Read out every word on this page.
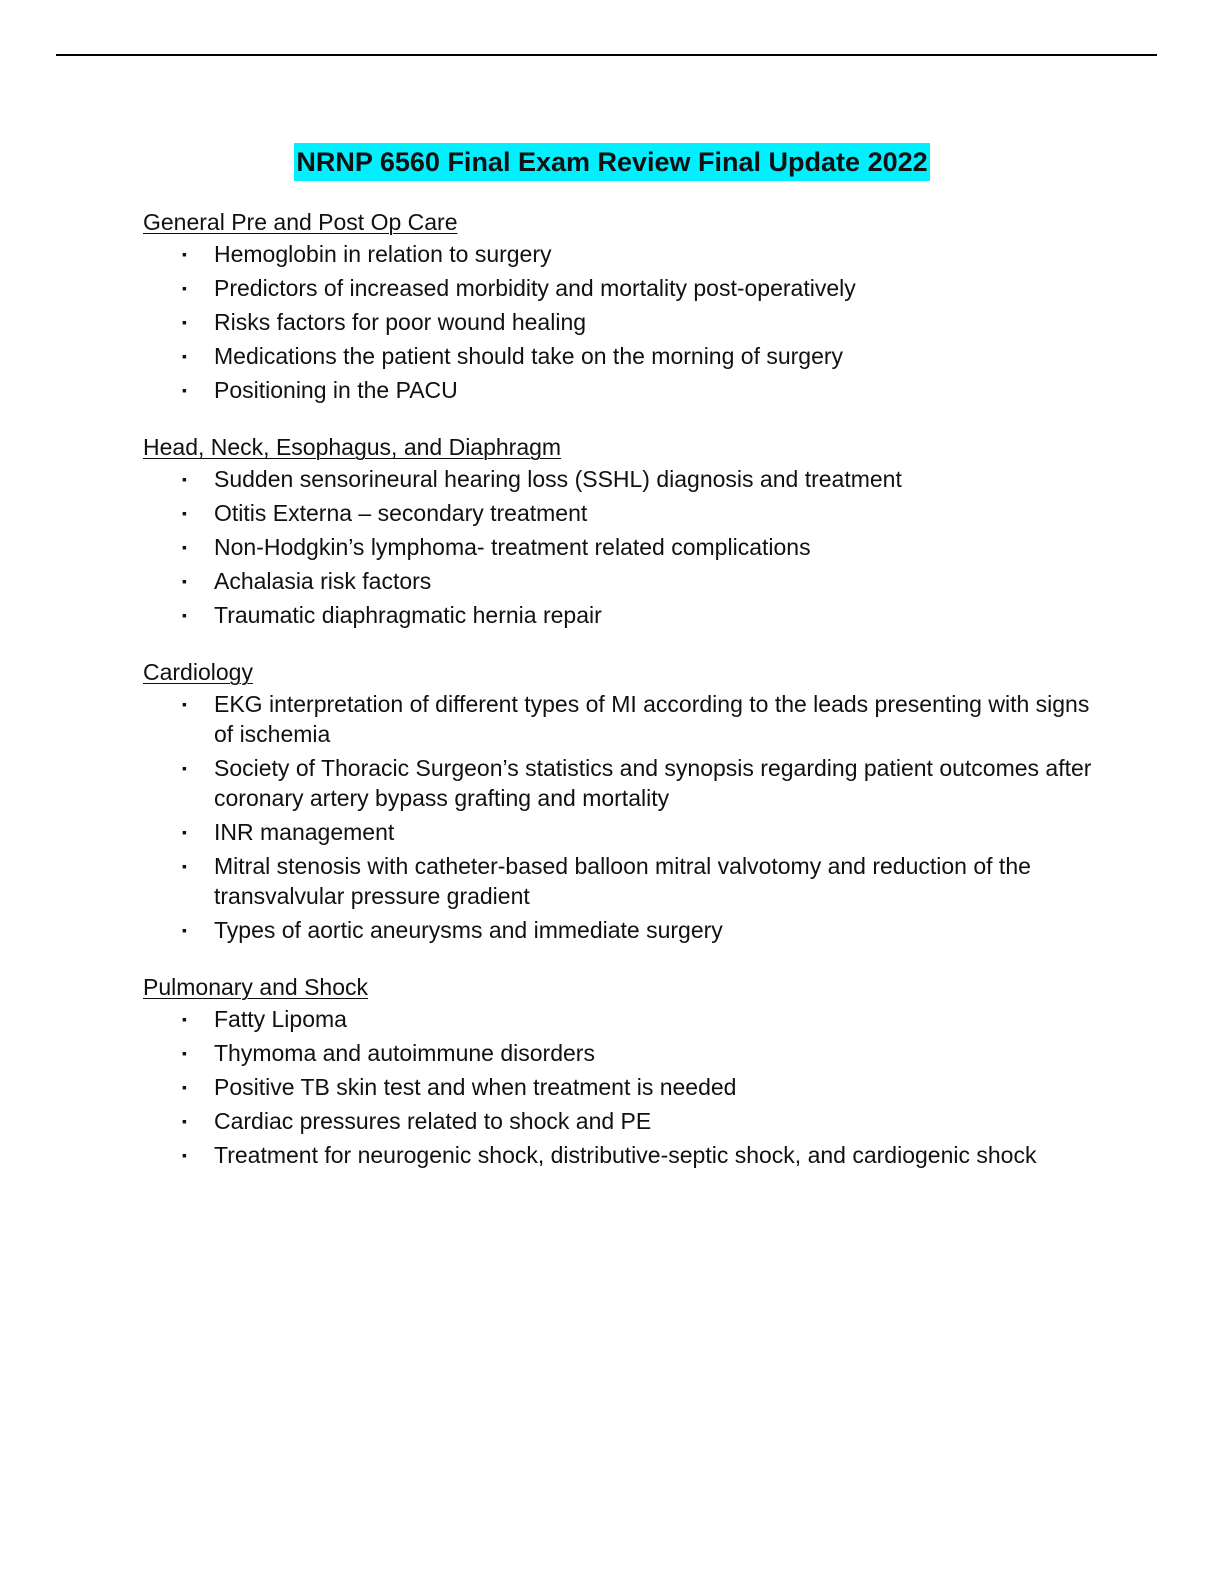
NRNP 6560 Final Exam Review Final Update 2022

General Pre and Post Op Care

▪ Hemoglobin in relation to surgery
▪ Predictors of increased morbidity and mortality post-operatively
▪ Risks factors for poor wound healing
▪ Medications the patient should take on the morning of surgery
▪ Positioning in the PACU

Head, Neck, Esophagus, and Diaphragm

▪ Sudden sensorineural hearing loss (SSHL) diagnosis and treatment
▪ Otitis Externa – secondary treatment
▪ Non-Hodgkin’s lymphoma- treatment related complications
▪ Achalasia risk factors
▪ Traumatic diaphragmatic hernia repair

Cardiology

▪ EKG interpretation of different types of MI according to the leads presenting with signs of ischemia
▪ Society of Thoracic Surgeon’s statistics and synopsis regarding patient outcomes after coronary artery bypass grafting and mortality
▪ INR management
▪ Mitral stenosis with catheter-based balloon mitral valvotomy and reduction of the transvalvular pressure gradient
▪ Types of aortic aneurysms and immediate surgery

Pulmonary and Shock

▪ Fatty Lipoma
▪ Thymoma and autoimmune disorders
▪ Positive TB skin test and when treatment is needed
▪ Cardiac pressures related to shock and PE
▪ Treatment for neurogenic shock, distributive-septic shock, and cardiogenic shock
